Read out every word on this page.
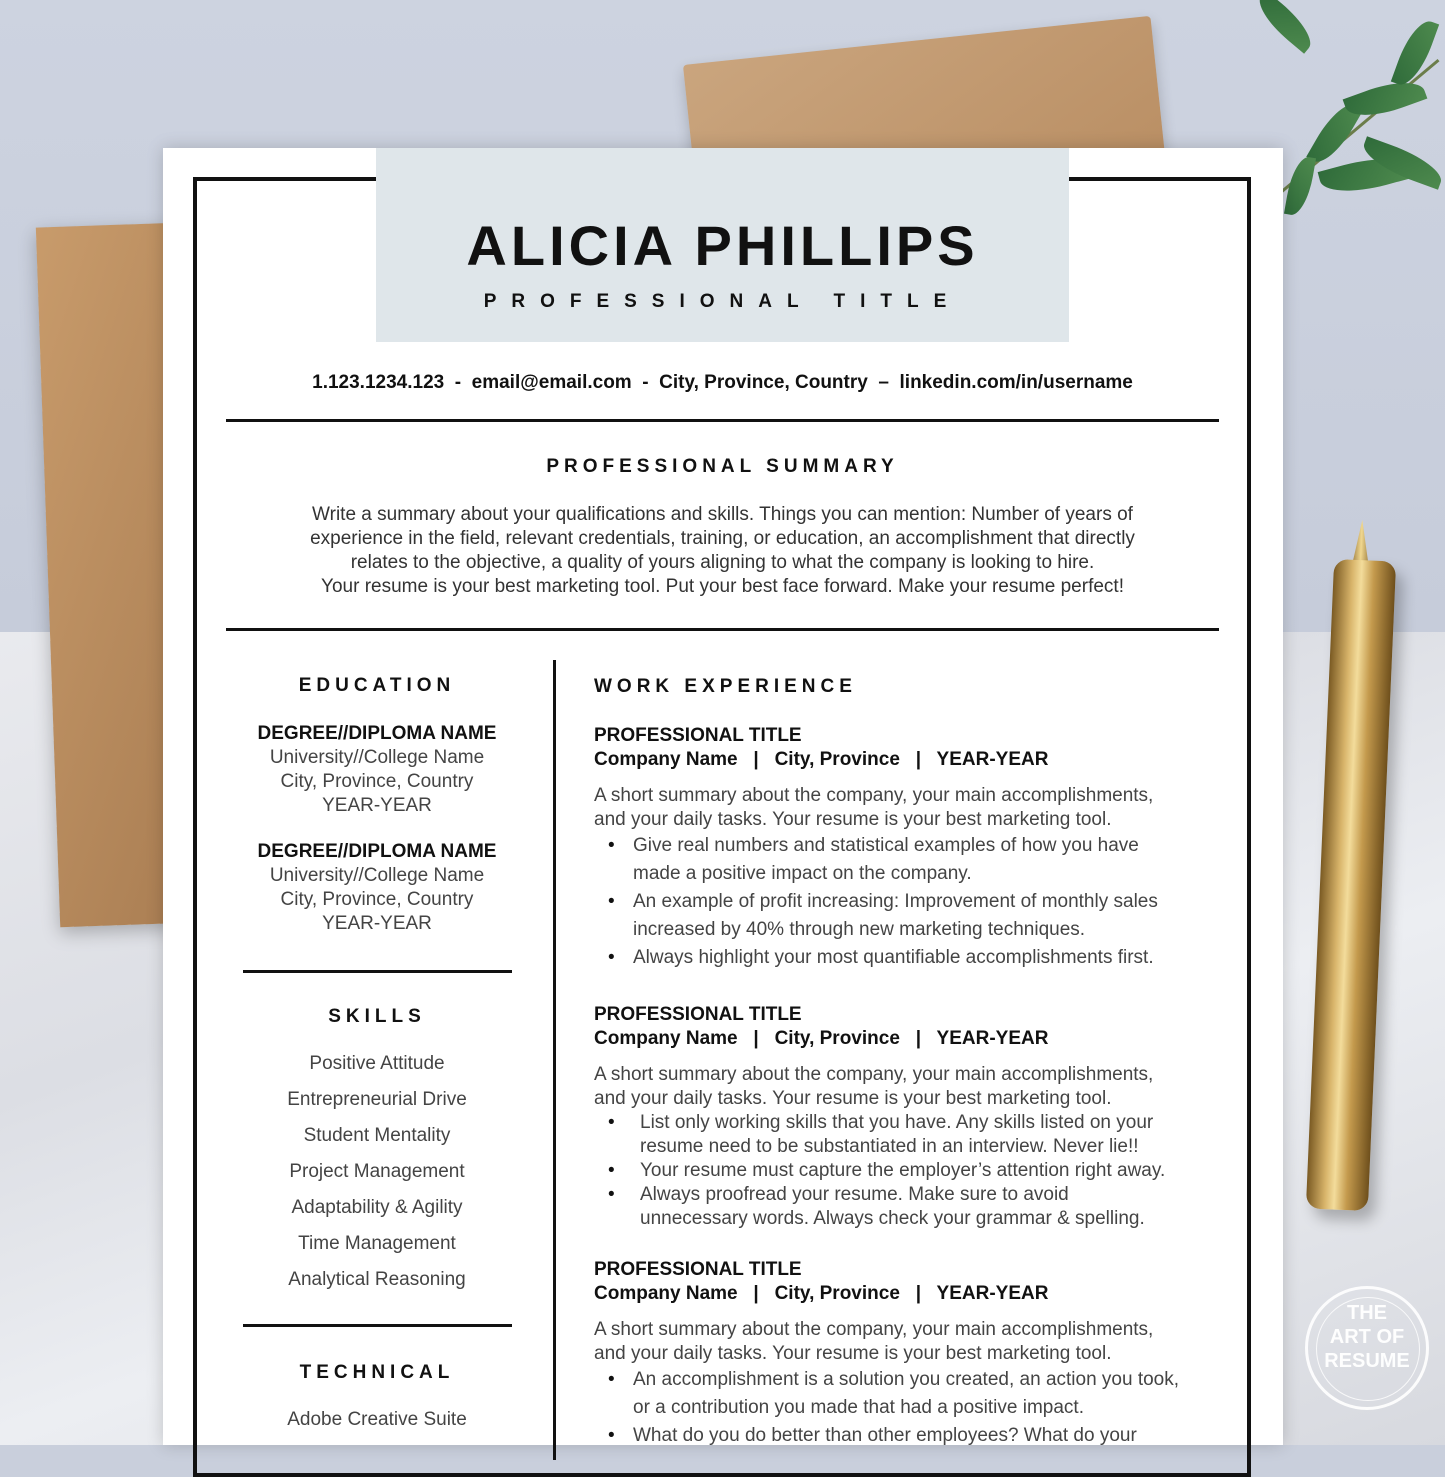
ALICIA PHILLIPS
PROFESSIONAL TITLE
1.123.1234.123  -  email@email.com  -  City, Province, Country  –  linkedin.com/in/username
PROFESSIONAL SUMMARY
Write a summary about your qualifications and skills. Things you can mention: Number of years of
experience in the field, relevant credentials, training, or education, an accomplishment that directly
relates to the objective, a quality of yours aligning to what the company is looking to hire.
Your resume is your best marketing tool. Put your best face forward. Make your resume perfect!
EDUCATION
DEGREE//DIPLOMA NAME
University//College Name
City, Province, Country
YEAR-YEAR
DEGREE//DIPLOMA NAME
University//College Name
City, Province, Country
YEAR-YEAR
SKILLS
Positive Attitude
Entrepreneurial Drive
Student Mentality
Project Management
Adaptability & Agility
Time Management
Analytical Reasoning
TECHNICAL
Adobe Creative Suite
WORK EXPERIENCE
PROFESSIONAL TITLE
Company Name   |   City, Province   |   YEAR-YEAR
A short summary about the company, your main accomplishments,
and your daily tasks. Your resume is your best marketing tool.
• Give real numbers and statistical examples of how you have
made a positive impact on the company.
• An example of profit increasing: Improvement of monthly sales
increased by 40% through new marketing techniques.
• Always highlight your most quantifiable accomplishments first.
PROFESSIONAL TITLE
Company Name   |   City, Province   |   YEAR-YEAR
A short summary about the company, your main accomplishments,
and your daily tasks. Your resume is your best marketing tool.
• List only working skills that you have. Any skills listed on your
resume need to be substantiated in an interview. Never lie!!
• Your resume must capture the employer’s attention right away.
• Always proofread your resume. Make sure to avoid
unnecessary words. Always check your grammar & spelling.
PROFESSIONAL TITLE
Company Name   |   City, Province   |   YEAR-YEAR
A short summary about the company, your main accomplishments,
and your daily tasks. Your resume is your best marketing tool.
• An accomplishment is a solution you created, an action you took,
or a contribution you made that had a positive impact.
• What do you do better than other employees? What do your
THE
ART OF
RESUME
